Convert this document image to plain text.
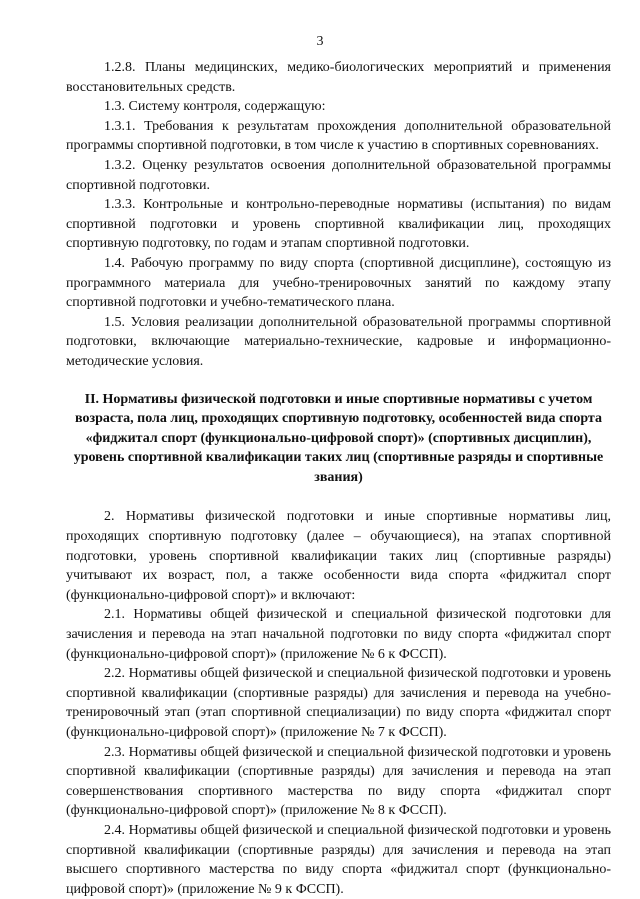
3

1.2.8. Планы медицинских, медико-биологических мероприятий и применения восстановительных средств.

1.3. Систему контроля, содержащую:

1.3.1. Требования к результатам прохождения дополнительной образовательной программы спортивной подготовки, в том числе к участию в спортивных соревнованиях.

1.3.2. Оценку результатов освоения дополнительной образовательной программы спортивной подготовки.

1.3.3. Контрольные и контрольно-переводные нормативы (испытания) по видам спортивной подготовки и уровень спортивной квалификации лиц, проходящих спортивную подготовку, по годам и этапам спортивной подготовки.

1.4. Рабочую программу по виду спорта (спортивной дисциплине), состоящую из программного материала для учебно-тренировочных занятий по каждому этапу спортивной подготовки и учебно-тематического плана.

1.5. Условия реализации дополнительной образовательной программы спортивной подготовки, включающие материально-технические, кадровые и информационно-методические условия.

II. Нормативы физической подготовки и иные спортивные нормативы с учетом возраста, пола лиц, проходящих спортивную подготовку, особенностей вида спорта «фиджитал спорт (функционально-цифровой спорт)» (спортивных дисциплин), уровень спортивной квалификации таких лиц (спортивные разряды и спортивные звания)

2. Нормативы физической подготовки и иные спортивные нормативы лиц, проходящих спортивную подготовку (далее – обучающиеся), на этапах спортивной подготовки, уровень спортивной квалификации таких лиц (спортивные разряды) учитывают их возраст, пол, а также особенности вида спорта «фиджитал спорт (функционально-цифровой спорт)» и включают:

2.1. Нормативы общей физической и специальной физической подготовки для зачисления и перевода на этап начальной подготовки по виду спорта «фиджитал спорт (функционально-цифровой спорт)» (приложение № 6 к ФССП).

2.2. Нормативы общей физической и специальной физической подготовки и уровень спортивной квалификации (спортивные разряды) для зачисления и перевода на учебно-тренировочный этап (этап спортивной специализации) по виду спорта «фиджитал спорт (функционально-цифровой спорт)» (приложение № 7 к ФССП).

2.3. Нормативы общей физической и специальной физической подготовки и уровень спортивной квалификации (спортивные разряды) для зачисления и перевода на этап совершенствования спортивного мастерства по виду спорта «фиджитал спорт (функционально-цифровой спорт)» (приложение № 8 к ФССП).

2.4. Нормативы общей физической и специальной физической подготовки и уровень спортивной квалификации (спортивные разряды) для зачисления и перевода на этап высшего спортивного мастерства по виду спорта «фиджитал спорт (функционально-цифровой спорт)» (приложение № 9 к ФССП).
